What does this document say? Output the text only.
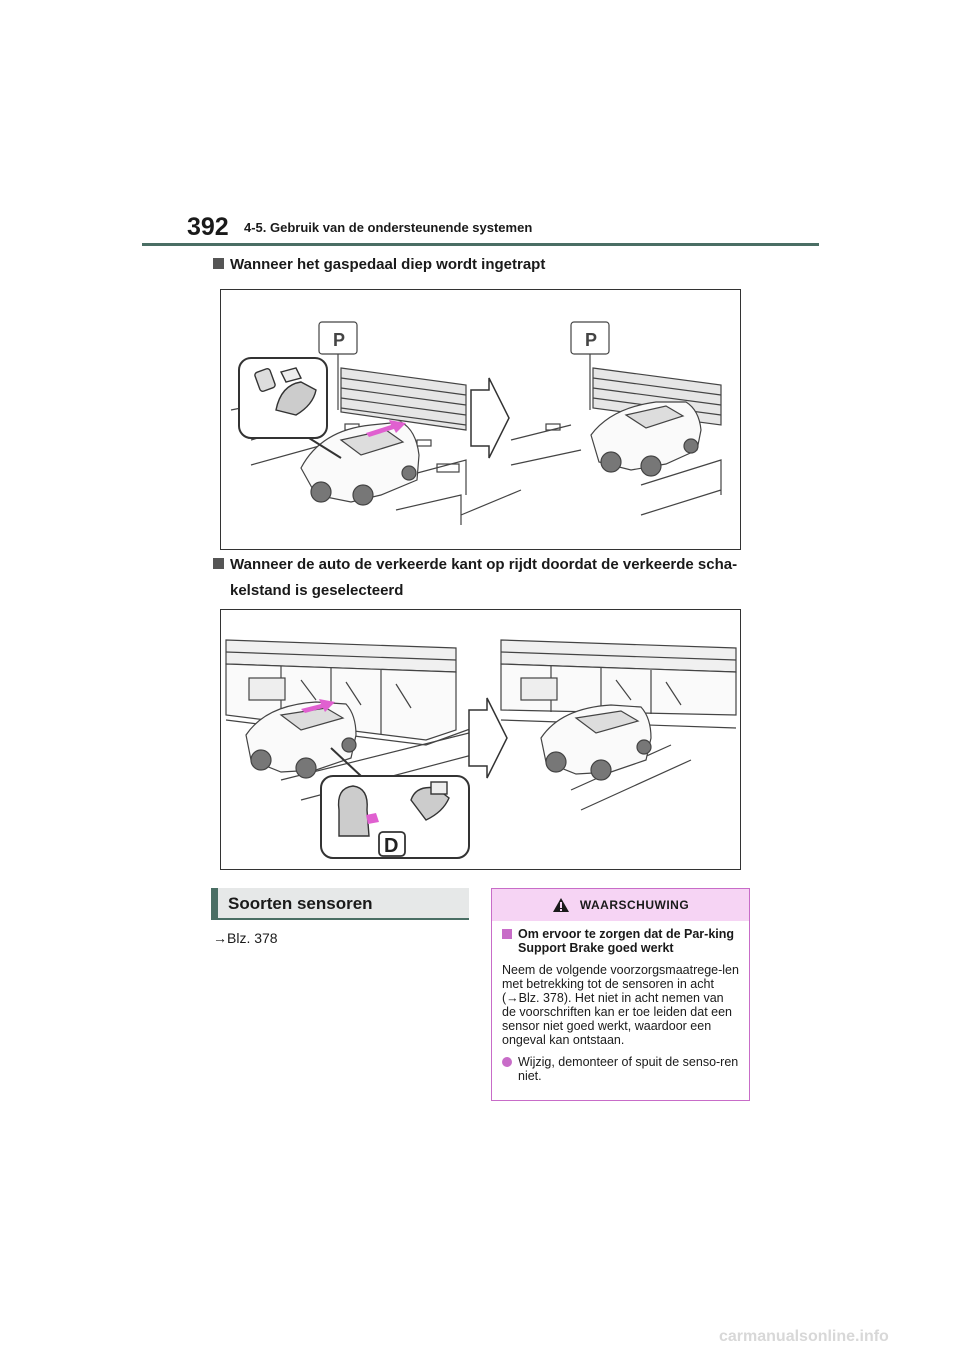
392 4-5. Gebruik van de ondersteunende systemen
Wanneer het gaspedaal diep wordt ingetrapt
P	P
Wanneer de auto de verkeerde kant op rijdt doordat de verkeerde scha-
kelstand is geselecteerd
D
Soorten sensoren
→Blz. 378
WAARSCHUWING
Om ervoor te zorgen dat de Par-king Support Brake goed werkt
Neem de volgende voorzorgsmaatrege-len met betrekking tot de sensoren in acht (→Blz. 378). Het niet in acht nemen van de voorschriften kan er toe leiden dat een sensor niet goed werkt, waardoor een ongeval kan ontstaan.
Wijzig, demonteer of spuit de senso-ren niet.
carmanualsonline.info
